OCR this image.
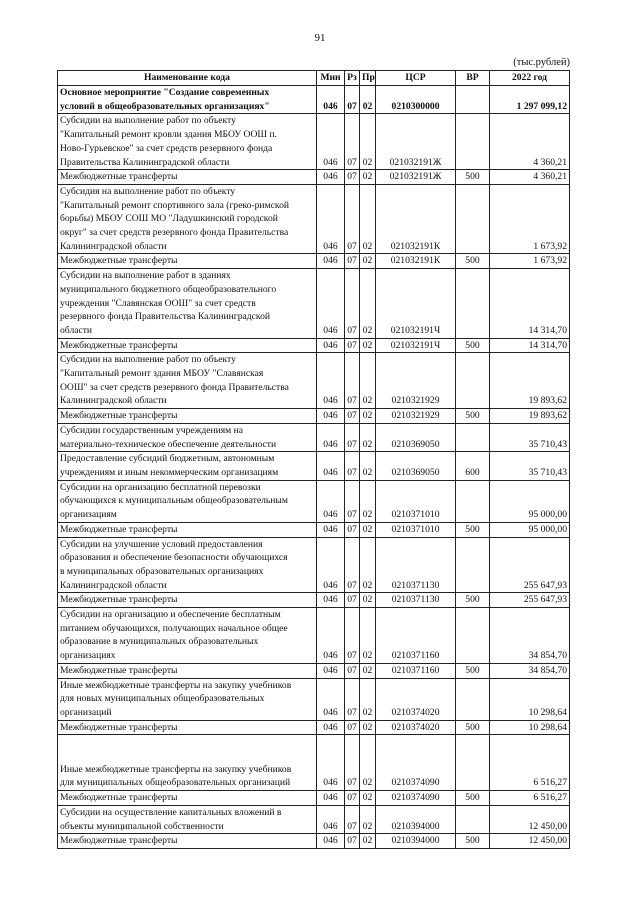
91
(тыс.рублей)
Наименование кода	Мин	Рз	Пр	ЦСР	ВР	2022 год
Основное мероприятие "Создание современных
условий в общеобразовательных организациях"	046	07	02	0210300000		1 297 099,12
Субсидии на выполнение работ по объекту
"Капитальный ремонт кровли здания МБОУ ООШ п.
Ново-Гурьевское" за счет средств резервного фонда
Правительства Калининградской области	046	07	02	021032191Ж		4 360,21
Межбюджетные трансферты	046	07	02	021032191Ж	500	4 360,21
Субсидия на выполнение работ по объекту
"Капитальный ремонт спортивного зала (греко-римской
борьбы) МБОУ СОШ МО "Ладушкинский городской
округ" за счет средств резервного фонда Правительства
Калининградской области	046	07	02	021032191К		1 673,92
Межбюджетные трансферты	046	07	02	021032191К	500	1 673,92
Субсидии на выполнение работ в зданиях
муниципального бюджетного общеобразовательного
учреждения "Славянская ООШ" за счет средств
резервного фонда Правительства Калининградской
области	046	07	02	021032191Ч		14 314,70
Межбюджетные трансферты	046	07	02	021032191Ч	500	14 314,70
Субсидии на выполнение работ по объекту
"Капитальный ремонт здания МБОУ "Славянская
ООШ" за счет средств резервного фонда Правительства
Калининградской области	046	07	02	0210321929		19 893,62
Межбюджетные трансферты	046	07	02	0210321929	500	19 893,62
Субсидии государственным учреждениям на
материально-техническое обеспечение деятельности	046	07	02	0210369050		35 710,43
Предоставление субсидий бюджетным, автономным
учреждениям и иным некоммерческим организациям	046	07	02	0210369050	600	35 710,43
Субсидии на организацию бесплатной перевозки
обучающихся к муниципальным общеобразовательным
организациям	046	07	02	0210371010		95 000,00
Межбюджетные трансферты	046	07	02	0210371010	500	95 000,00
Субсидии на улучшение условий предоставления
образования и обеспечение безопасности обучающихся
в муниципальных образовательных организациях
Калининградской области	046	07	02	0210371130		255 647,93
Межбюджетные трансферты	046	07	02	0210371130	500	255 647,93
Субсидии на организацию и обеспечение бесплатным
питанием обучающихся, получающих начальное общее
образование в муниципальных образовательных
организациях	046	07	02	0210371160		34 854,70
Межбюджетные трансферты	046	07	02	0210371160	500	34 854,70
Иные межбюджетные трансферты на закупку учебников
для новых муниципальных общеобразовательных
организаций	046	07	02	0210374020		10 298,64
Межбюджетные трансферты	046	07	02	0210374020	500	10 298,64

Иные межбюджетные трансферты на закупку учебников
для муниципальных общеобразовательных организаций	046	07	02	0210374090		6 516,27
Межбюджетные трансферты	046	07	02	0210374090	500	6 516,27
Субсидии на осуществление капитальных вложений в
объекты муниципальной собственности	046	07	02	0210394000		12 450,00
Межбюджетные трансферты	046	07	02	0210394000	500	12 450,00
